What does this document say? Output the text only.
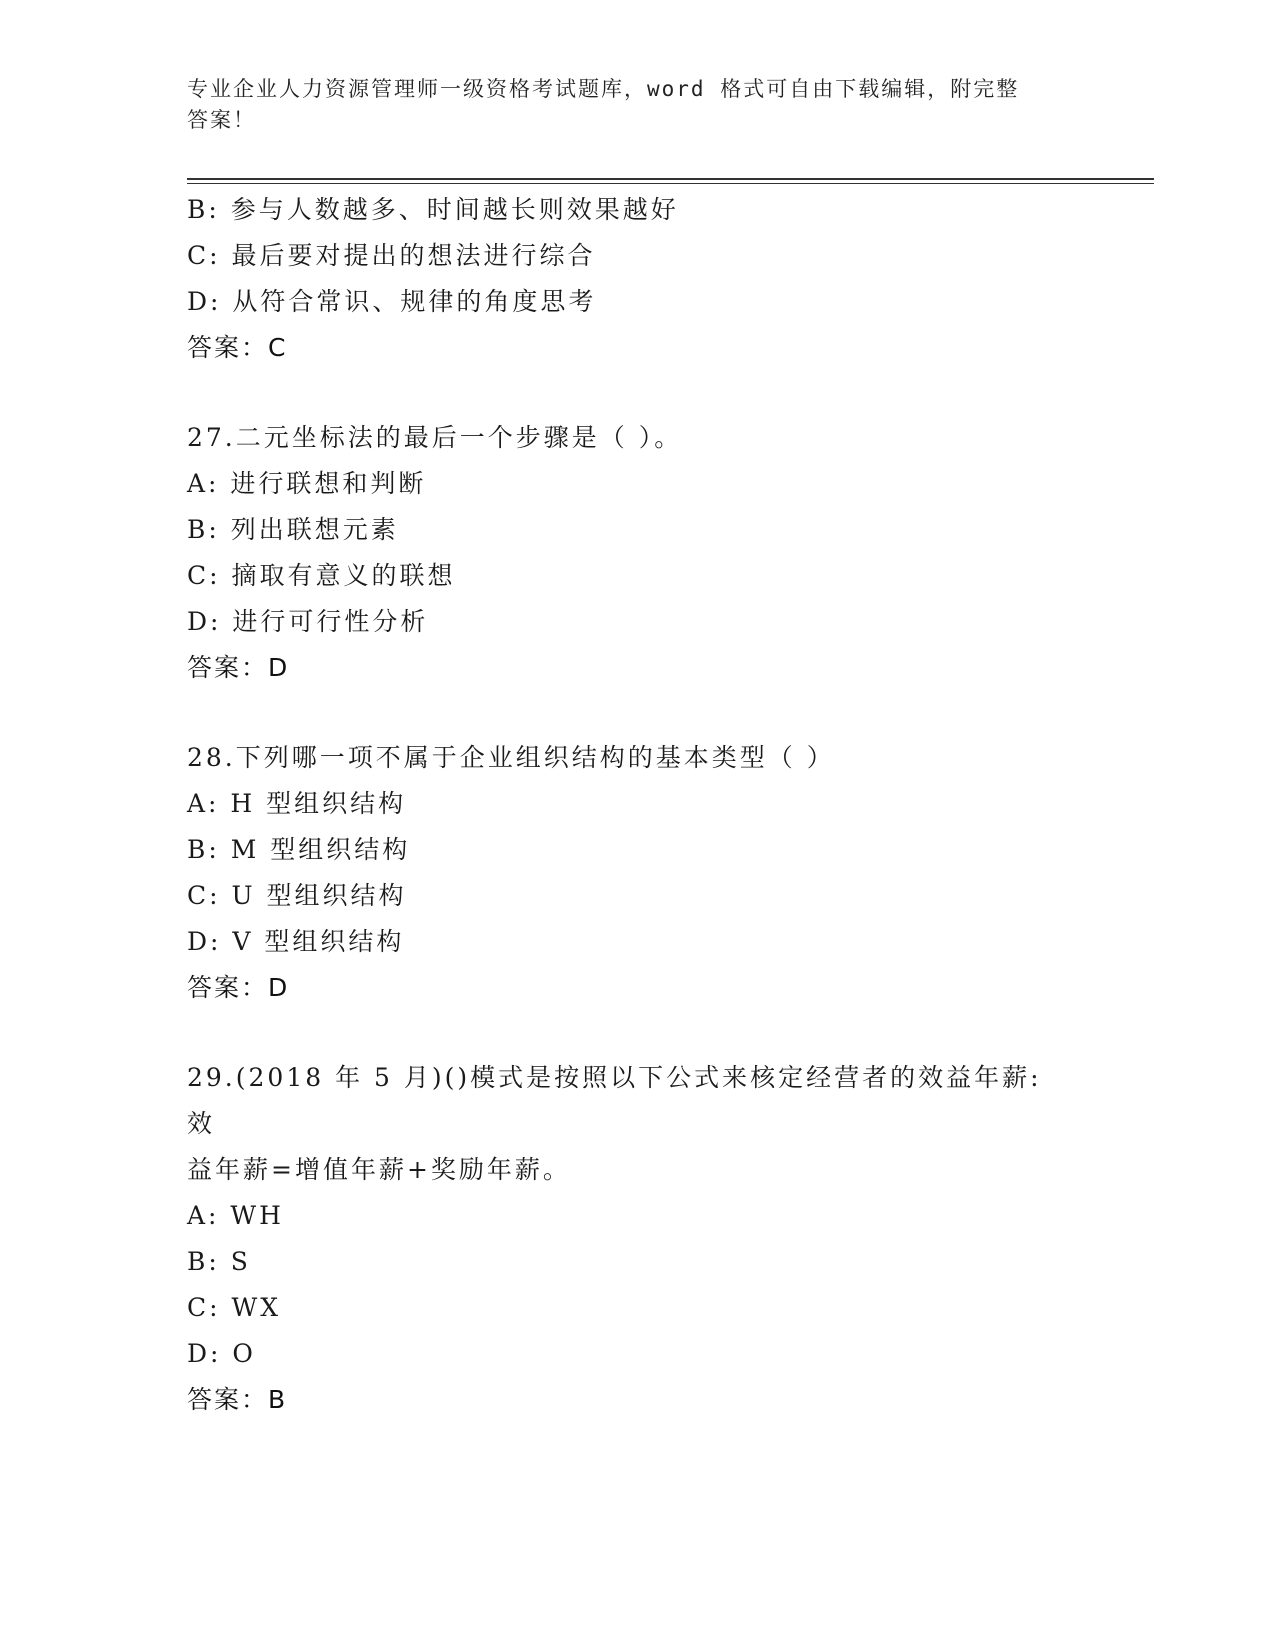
专业企业人力资源管理师一级资格考试题库，word 格式可自由下载编辑，附完整
答案！
B: 参与人数越多、时间越长则效果越好
C: 最后要对提出的想法进行综合
D: 从符合常识、规律的角度思考
答案：C
27.二元坐标法的最后一个步骤是（ ）。
A: 进行联想和判断
B: 列出联想元素
C: 摘取有意义的联想
D: 进行可行性分析
答案：D
28.下列哪一项不属于企业组织结构的基本类型（ ）
A: H 型组织结构
B: M 型组织结构
C: U 型组织结构
D: V 型组织结构
答案：D
29.(2018 年 5 月)()模式是按照以下公式来核定经营者的效益年薪:效
益年薪=增值年薪+奖励年薪。
A: WH
B: S
C: WX
D: O
答案：B
